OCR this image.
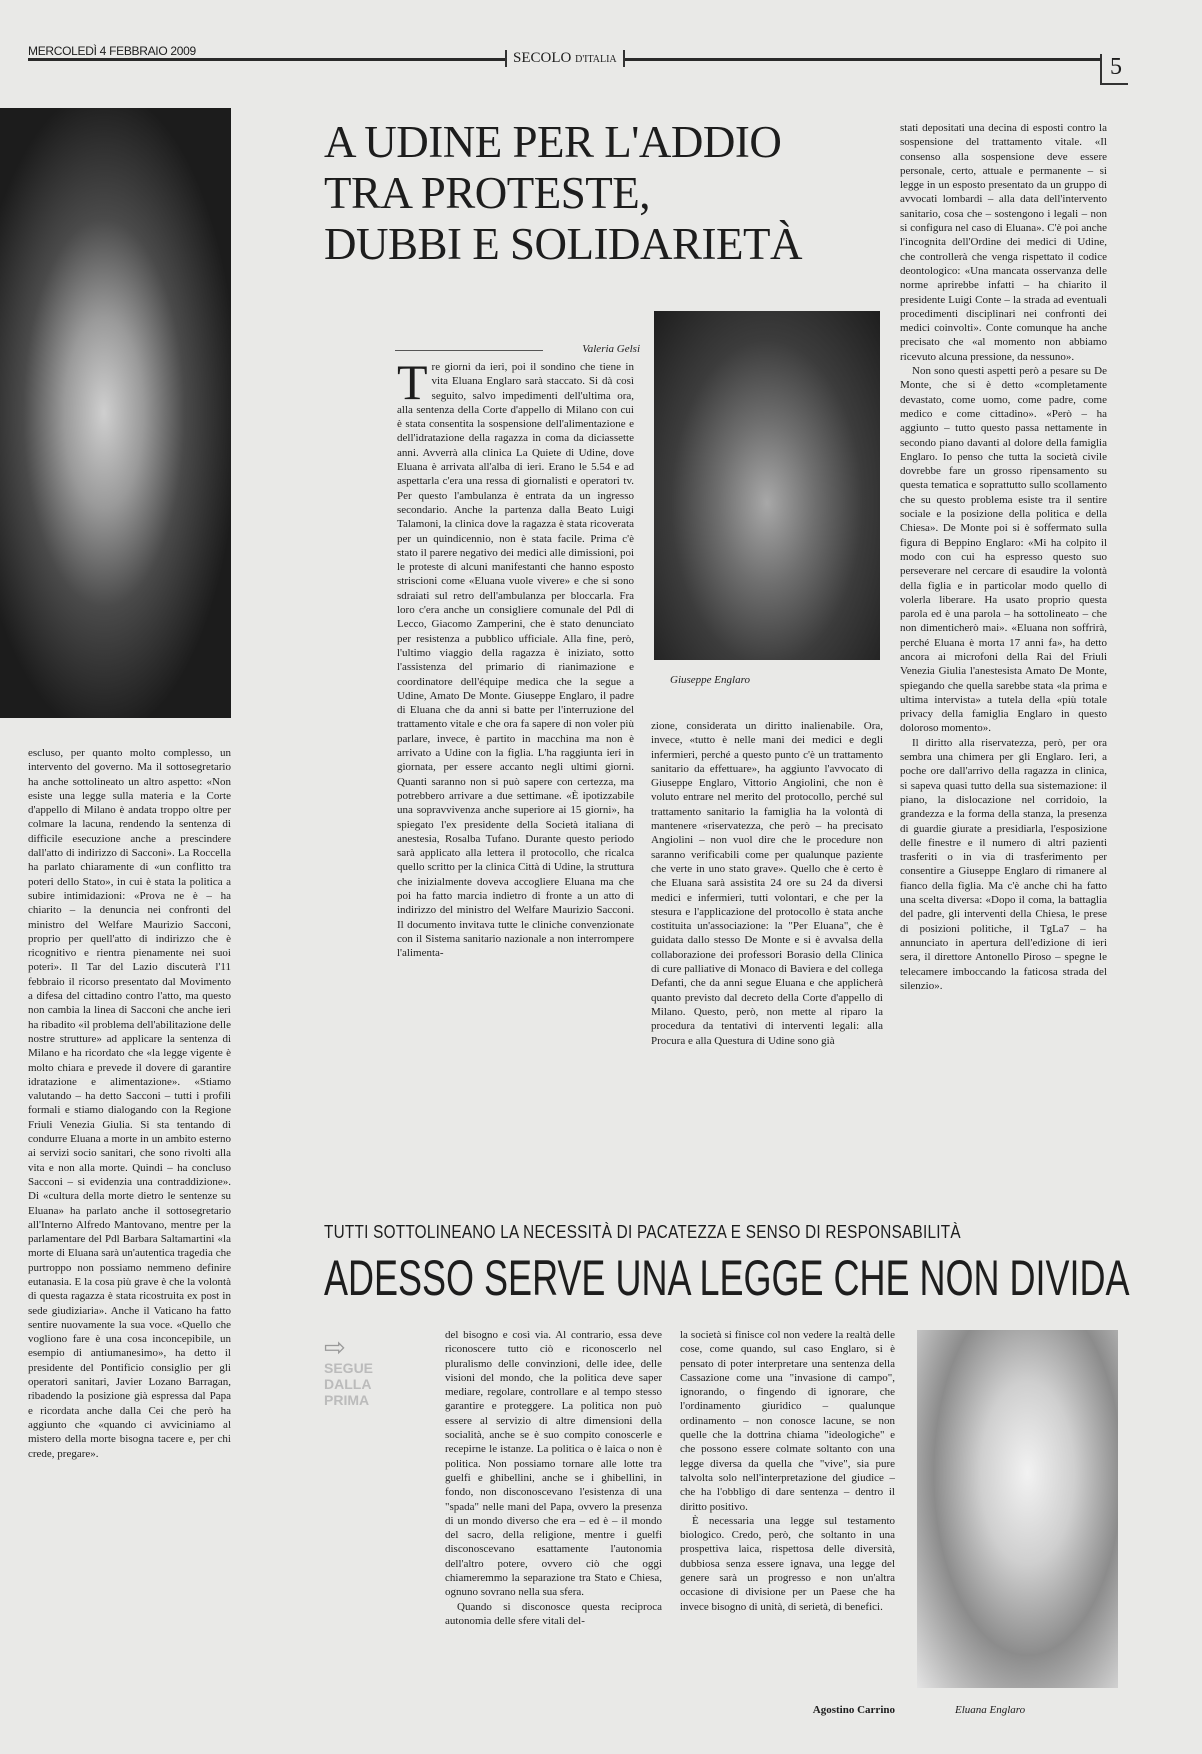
MERCOLEDÌ 4 FEBBRAIO 2009	SECOLO D'ITALIA	5
A UDINE PER L'ADDIO
TRA PROTESTE,
DUBBI E SOLIDARIETÀ
Valeria Gelsi
Tre giorni da ieri, poi il sondino che tiene in vita Eluana Englaro sarà staccato. Si dà così seguito, salvo impedimenti dell'ultima ora, alla sentenza della Corte d'appello di Milano con cui è stata consentita la sospensione dell'alimentazione e dell'idratazione della ragazza in coma da diciassette anni. Avverrà alla clinica La Quiete di Udine, dove Eluana è arrivata all'alba di ieri. Erano le 5.54 e ad aspettarla c'era una ressa di giornalisti e operatori tv. Per questo l'ambulanza è entrata da un ingresso secondario. Anche la partenza dalla Beato Luigi Talamoni, la clinica dove la ragazza è stata ricoverata per un quindicennio, non è stata facile. Prima c'è stato il parere negativo dei medici alle dimissioni, poi le proteste di alcuni manifestanti che hanno esposto striscioni come «Eluana vuole vivere» e che si sono sdraiati sul retro dell'ambulanza per bloccarla. Fra loro c'era anche un consigliere comunale del Pdl di Lecco, Giacomo Zamperini, che è stato denunciato per resistenza a pubblico ufficiale. Alla fine, però, l'ultimo viaggio della ragazza è iniziato, sotto l'assistenza del primario di rianimazione e coordinatore dell'équipe medica che la segue a Udine, Amato De Monte. Giuseppe Englaro, il padre di Eluana che da anni si batte per l'interruzione del trattamento vitale e che ora fa sapere di non voler più parlare, invece, è partito in macchina ma non è arrivato a Udine con la figlia. L'ha raggiunta ieri in giornata, per essere accanto negli ultimi giorni. Quanti saranno non si può sapere con certezza, ma potrebbero arrivare a due settimane. «È ipotizzabile una sopravvivenza anche superiore ai 15 giorni», ha spiegato l'ex presidente della Società italiana di anestesia, Rosalba Tufano. Durante questo periodo sarà applicato alla lettera il protocollo, che ricalca quello scritto per la clinica Città di Udine, la struttura che inizialmente doveva accogliere Eluana ma che poi ha fatto marcia indietro di fronte a un atto di indirizzo del ministro del Welfare Maurizio Sacconi. Il documento invitava tutte le cliniche convenzionate con il Sistema sanitario nazionale a non interrompere l'alimenta-
Giuseppe Englaro
zione, considerata un diritto inalienabile. Ora, invece, «tutto è nelle mani dei medici e degli infermieri, perché a questo punto c'è un trattamento sanitario da effettuare», ha aggiunto l'avvocato di Giuseppe Englaro, Vittorio Angiolini, che non è voluto entrare nel merito del protocollo, perché sul trattamento sanitario la famiglia ha la volontà di mantenere «riservatezza, che però – ha precisato Angiolini – non vuol dire che le procedure non saranno verificabili come per qualunque paziente che verte in uno stato grave». Quello che è certo è che Eluana sarà assistita 24 ore su 24 da diversi medici e infermieri, tutti volontari, e che per la stesura e l'applicazione del protocollo è stata anche costituita un'associazione: la "Per Eluana", che è guidata dallo stesso De Monte e si è avvalsa della collaborazione dei professori Borasio della Clinica di cure palliative di Monaco di Baviera e del collega Defanti, che da anni segue Eluana e che applicherà quanto previsto dal decreto della Corte d'appello di Milano. Questo, però, non mette al riparo la procedura da tentativi di interventi legali: alla Procura e alla Questura di Udine sono già

stati depositati una decina di esposti contro la sospensione del trattamento vitale. «Il consenso alla sospensione deve essere personale, certo, attuale e permanente – si legge in un esposto presentato da un gruppo di avvocati lombardi – alla data dell'intervento sanitario, cosa che – sostengono i legali – non si configura nel caso di Eluana». C'è poi anche l'incognita dell'Ordine dei medici di Udine, che controllerà che venga rispettato il codice deontologico: «Una mancata osservanza delle norme aprirebbe infatti – ha chiarito il presidente Luigi Conte – la strada ad eventuali procedimenti disciplinari nei confronti dei medici coinvolti». Conte comunque ha anche precisato che «al momento non abbiamo ricevuto alcuna pressione, da nessuno».

Non sono questi aspetti però a pesare su De Monte, che si è detto «completamente devastato, come uomo, come padre, come medico e come cittadino». «Però – ha aggiunto – tutto questo passa nettamente in secondo piano davanti al dolore della famiglia Englaro. Io penso che tutta la società civile dovrebbe fare un grosso ripensamento su questa tematica e soprattutto sullo scollamento che su questo problema esiste tra il sentire sociale e la posizione della politica e della Chiesa». De Monte poi si è soffermato sulla figura di Beppino Englaro: «Mi ha colpito il modo con cui ha espresso questo suo perseverare nel cercare di esaudire la volontà della figlia e in particolar modo quello di volerla liberare. Ha usato proprio questa parola ed è una parola – ha sottolineato – che non dimenticherò mai». «Eluana non soffrirà, perché Eluana è morta 17 anni fa», ha detto ancora ai microfoni della Rai del Friuli Venezia Giulia l'anestesista Amato De Monte, spiegando che quella sarebbe stata «la prima e ultima intervista» a tutela della «più totale privacy della famiglia Englaro in questo doloroso momento».

Il diritto alla riservatezza, però, per ora sembra una chimera per gli Englaro. Ieri, a poche ore dall'arrivo della ragazza in clinica, si sapeva quasi tutto della sua sistemazione: il piano, la dislocazione nel corridoio, la grandezza e la forma della stanza, la presenza di guardie giurate a presidiarla, l'esposizione delle finestre e il numero di altri pazienti trasferiti o in via di trasferimento per consentire a Giuseppe Englaro di rimanere al fianco della figlia. Ma c'è anche chi ha fatto una scelta diversa: «Dopo il coma, la battaglia del padre, gli interventi della Chiesa, le prese di posizioni politiche, il TgLa7 – ha annunciato in apertura dell'edizione di ieri sera, il direttore Antonello Piroso – spegne le telecamere imboccando la faticosa strada del silenzio».

escluso, per quanto molto complesso, un intervento del governo. Ma il sottosegretario ha anche sottolineato un altro aspetto: «Non esiste una legge sulla materia e la Corte d'appello di Milano è andata troppo oltre per colmare la lacuna, rendendo la sentenza di difficile esecuzione anche a prescindere dall'atto di indirizzo di Sacconi». La Roccella ha parlato chiaramente di «un conflitto tra poteri dello Stato», in cui è stata la politica a subire intimidazioni: «Prova ne è – ha chiarito – la denuncia nei confronti del ministro del Welfare Maurizio Sacconi, proprio per quell'atto di indirizzo che è ricognitivo e rientra pienamente nei suoi poteri». Il Tar del Lazio discuterà l'11 febbraio il ricorso presentato dal Movimento a difesa del cittadino contro l'atto, ma questo non cambia la linea di Sacconi che anche ieri ha ribadito «il problema dell'abilitazione delle nostre strutture» ad applicare la sentenza di Milano e ha ricordato che «la legge vigente è molto chiara e prevede il dovere di garantire idratazione e alimentazione». «Stiamo valutando – ha detto Sacconi – tutti i profili formali e stiamo dialogando con la Regione Friuli Venezia Giulia. Si sta tentando di condurre Eluana a morte in un ambito esterno ai servizi socio sanitari, che sono rivolti alla vita e non alla morte. Quindi – ha concluso Sacconi – si evidenzia una contraddizione». Di «cultura della morte dietro le sentenze su Eluana» ha parlato anche il sottosegretario all'Interno Alfredo Mantovano, mentre per la parlamentare del Pdl Barbara Saltamartini «la morte di Eluana sarà un'autentica tragedia che purtroppo non possiamo nemmeno definire eutanasia. E la cosa più grave è che la volontà di questa ragazza è stata ricostruita ex post in sede giudiziaria». Anche il Vaticano ha fatto sentire nuovamente la sua voce. «Quello che vogliono fare è una cosa inconcepibile, un esempio di antiumanesimo», ha detto il presidente del Pontificio consiglio per gli operatori sanitari, Javier Lozano Barragan, ribadendo la posizione già espressa dal Papa e ricordata anche dalla Cei che però ha aggiunto che «quando ci avviciniamo al mistero della morte bisogna tacere e, per chi crede, pregare».
TUTTI SOTTOLINEANO LA NECESSITÀ DI PACATEZZA E SENSO DI RESPONSABILITÀ
ADESSO SERVE UNA LEGGE CHE NON DIVIDA
⇨
SEGUE
DALLA
PRIMA

del bisogno e così via. Al contrario, essa deve riconoscere tutto ciò e riconoscerlo nel pluralismo delle convinzioni, delle idee, delle visioni del mondo, che la politica deve saper mediare, regolare, controllare e al tempo stesso garantire e proteggere. La politica non può essere al servizio di altre dimensioni della socialità, anche se è suo compito conoscerle e recepirne le istanze. La politica o è laica o non è politica. Non possiamo tornare alle lotte tra guelfi e ghibellini, anche se i ghibellini, in fondo, non disconoscevano l'esistenza di una "spada" nelle mani del Papa, ovvero la presenza di un mondo diverso che era – ed è – il mondo del sacro, della religione, mentre i guelfi disconoscevano esattamente l'autonomia dell'altro potere, ovvero ciò che oggi chiameremmo la separazione tra Stato e Chiesa, ognuno sovrano nella sua sfera.

Quando si disconosce questa reciproca autonomia delle sfere vitali del-

la società si finisce col non vedere la realtà delle cose, come quando, sul caso Englaro, si è pensato di poter interpretare una sentenza della Cassazione come una "invasione di campo", ignorando, o fingendo di ignorare, che l'ordinamento giuridico – qualunque ordinamento – non conosce lacune, se non quelle che la dottrina chiama "ideologiche" e che possono essere colmate soltanto con una legge diversa da quella che "vive", sia pure talvolta solo nell'interpretazione del giudice – che ha l'obbligo di dare sentenza – dentro il diritto positivo.

È necessaria una legge sul testamento biologico. Credo, però, che soltanto in una prospettiva laica, rispettosa delle diversità, dubbiosa senza essere ignava, una legge del genere sarà un progresso e non un'altra occasione di divisione per un Paese che ha invece bisogno di unità, di serietà, di benefici.

Agostino Carrino	Eluana Englaro
